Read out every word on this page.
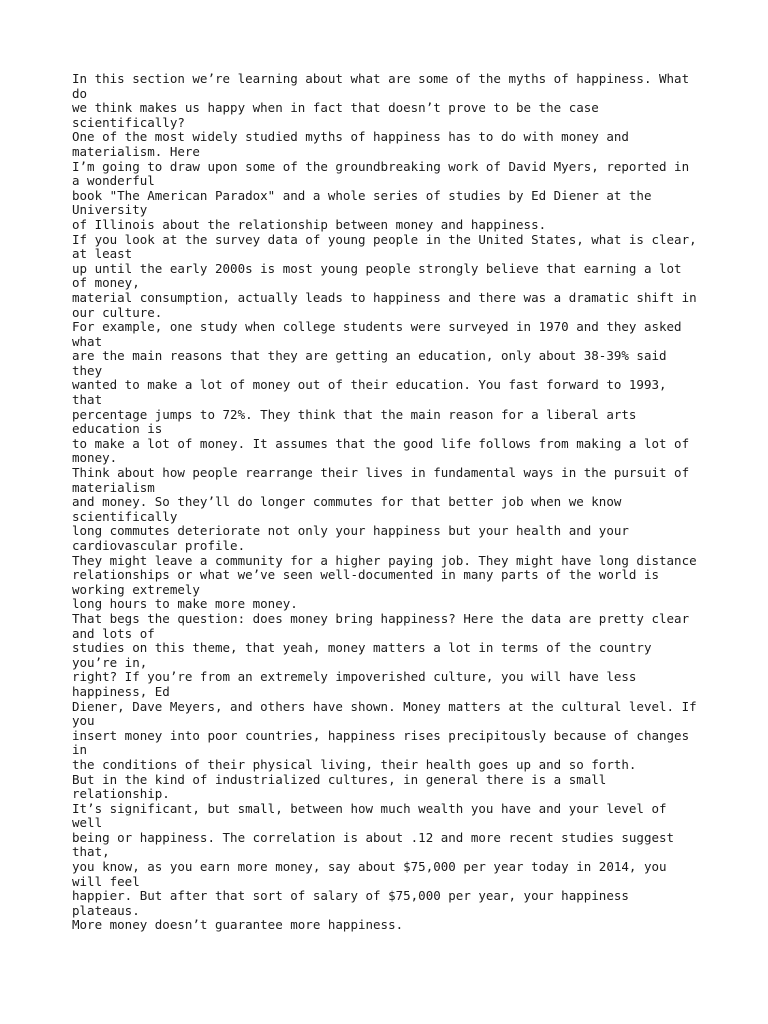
In this section we’re learning about what are some of the myths of happiness. What
do
we think makes us happy when in fact that doesn’t prove to be the case
scientifically?
One of the most widely studied myths of happiness has to do with money and
materialism. Here
I’m going to draw upon some of the groundbreaking work of David Myers, reported in
a wonderful
book "The American Paradox" and a whole series of studies by Ed Diener at the
University
of Illinois about the relationship between money and happiness.
If you look at the survey data of young people in the United States, what is clear,
at least
up until the early 2000s is most young people strongly believe that earning a lot
of money,
material consumption, actually leads to happiness and there was a dramatic shift in
our culture.
For example, one study when college students were surveyed in 1970 and they asked
what
are the main reasons that they are getting an education, only about 38-39% said
they
wanted to make a lot of money out of their education. You fast forward to 1993,
that
percentage jumps to 72%. They think that the main reason for a liberal arts
education is
to make a lot of money. It assumes that the good life follows from making a lot of
money.
Think about how people rearrange their lives in fundamental ways in the pursuit of
materialism
and money. So they’ll do longer commutes for that better job when we know
scientifically
long commutes deteriorate not only your happiness but your health and your
cardiovascular profile.
They might leave a community for a higher paying job. They might have long distance
relationships or what we’ve seen well-documented in many parts of the world is
working extremely
long hours to make more money.
That begs the question: does money bring happiness? Here the data are pretty clear
and lots of
studies on this theme, that yeah, money matters a lot in terms of the country
you’re in,
right? If you’re from an extremely impoverished culture, you will have less
happiness, Ed
Diener, Dave Meyers, and others have shown. Money matters at the cultural level. If
you
insert money into poor countries, happiness rises precipitously because of changes
in
the conditions of their physical living, their health goes up and so forth.
But in the kind of industrialized cultures, in general there is a small
relationship.
It’s significant, but small, between how much wealth you have and your level of
well
being or happiness. The correlation is about .12 and more recent studies suggest
that,
you know, as you earn more money, say about $75,000 per year today in 2014, you
will feel
happier. But after that sort of salary of $75,000 per year, your happiness
plateaus.
More money doesn’t guarantee more happiness.
